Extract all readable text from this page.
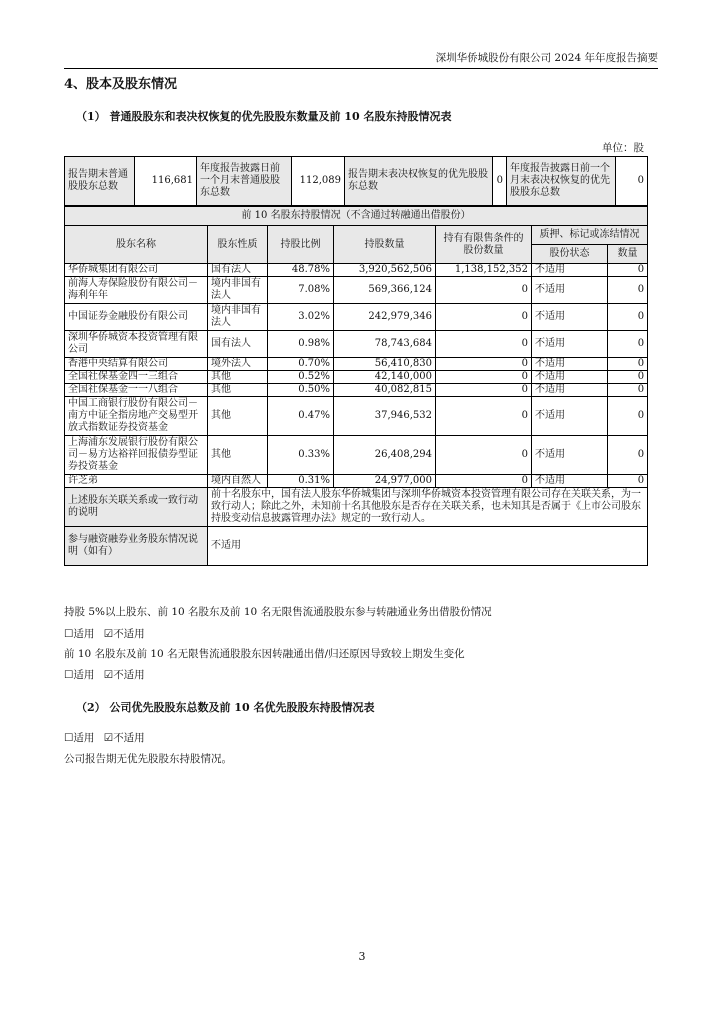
深圳华侨城股份有限公司 2024 年年度报告摘要
4、股本及股东情况
（1） 普通股股东和表决权恢复的优先股股东数量及前 10 名股东持股情况表
单位：股
报告期末普通股股东总数	116,681	年度报告披露日前一个月末普通股股东总数	112,089	报告期末表决权恢复的优先股股东总数	0	年度报告披露日前一个月末表决权恢复的优先股股东总数	0
前 10 名股东持股情况（不含通过转融通出借股份）						
股东名称	股东性质	持股比例	持股数量	持有有限售条件的股份数量	质押、标记或冻结情况	
					股份状态	数量
华侨城集团有限公司	国有法人	48.78%	3,920,562,506	1,138,152,352	不适用	0
前海人寿保险股份有限公司－海利年年	境内非国有法人	7.08%	569,366,124	0	不适用	0
中国证券金融股份有限公司	境内非国有法人	3.02%	242,979,346	0	不适用	0
深圳华侨城资本投资管理有限公司	国有法人	0.98%	78,743,684	0	不适用	0
香港中央结算有限公司	境外法人	0.70%	56,410,830	0	不适用	0
全国社保基金四一三组合	其他	0.52%	42,140,000	0	不适用	0
全国社保基金一一八组合	其他	0.50%	40,082,815	0	不适用	0
中国工商银行股份有限公司－南方中证全指房地产交易型开放式指数证券投资基金	其他	0.47%	37,946,532	0	不适用	0
上海浦东发展银行股份有限公司－易方达裕祥回报债券型证券投资基金	其他	0.33%	26,408,294	0	不适用	0
许芝弟	境内自然人	0.31%	24,977,000	0	不适用	0
上述股东关联关系或一致行动的说明	前十名股东中，国有法人股东华侨城集团与深圳华侨城资本投资管理有限公司存在关联关系，为一致行动人；除此之外，未知前十名其他股东是否存在关联关系，也未知其是否属于《上市公司股东持股变动信息披露管理办法》规定的一致行动人。					
参与融资融券业务股东情况说明（如有）	不适用					
持股 5%以上股东、前 10 名股东及前 10 名无限售流通股股东参与转融通业务出借股份情况
☐适用 ☑不适用
前 10 名股东及前 10 名无限售流通股股东因转融通出借/归还原因导致较上期发生变化
☐适用 ☑不适用
（2） 公司优先股股东总数及前 10 名优先股股东持股情况表
☐适用 ☑不适用
公司报告期无优先股股东持股情况。
3
